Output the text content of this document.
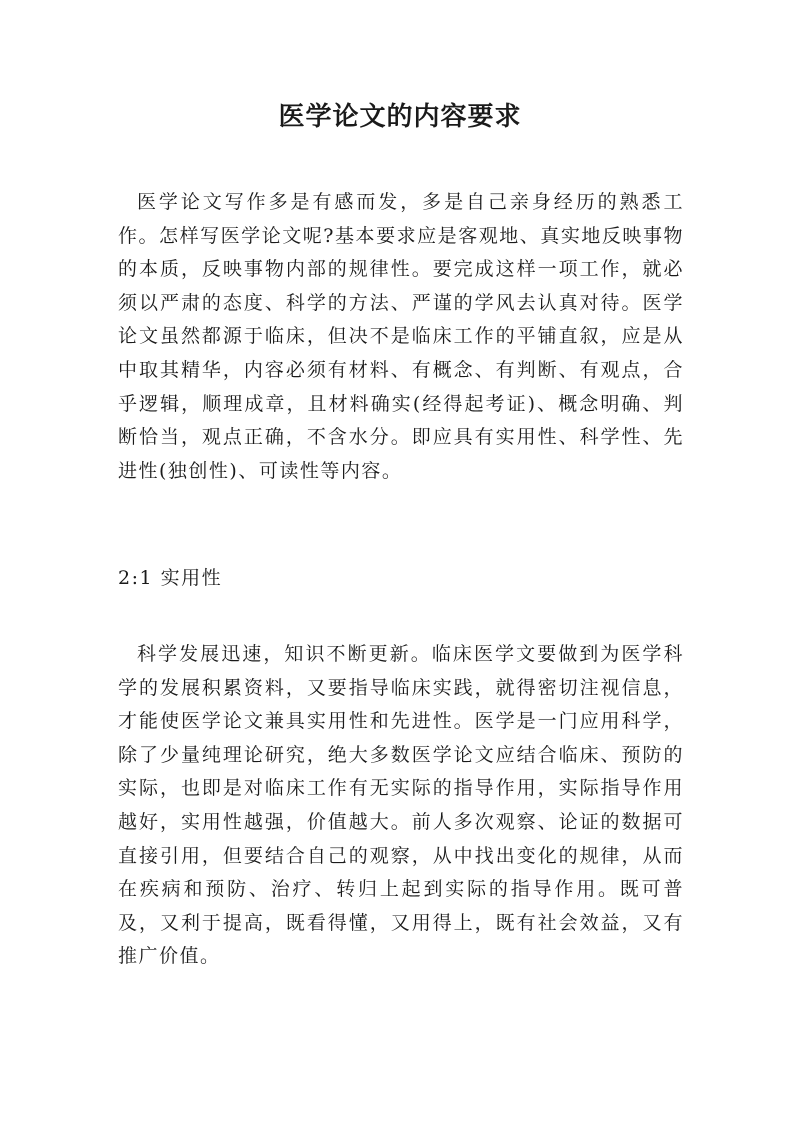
医学论文的内容要求

医学论文写作多是有感而发，多是自己亲身经历的熟悉工作。怎样写医学论文呢?基本要求应是客观地、真实地反映事物的本质，反映事物内部的规律性。要完成这样一项工作，就必须以严肃的态度、科学的方法、严谨的学风去认真对待。医学论文虽然都源于临床，但决不是临床工作的平铺直叙，应是从中取其精华，内容必须有材料、有概念、有判断、有观点，合乎逻辑，顺理成章，且材料确实(经得起考证)、概念明确、判断恰当，观点正确，不含水分。即应具有实用性、科学性、先进性(独创性)、可读性等内容。

2:1 实用性

科学发展迅速，知识不断更新。临床医学文要做到为医学科学的发展积累资料，又要指导临床实践，就得密切注视信息，才能使医学论文兼具实用性和先进性。医学是一门应用科学，除了少量纯理论研究，绝大多数医学论文应结合临床、预防的实际，也即是对临床工作有无实际的指导作用，实际指导作用越好，实用性越强，价值越大。前人多次观察、论证的数据可直接引用，但要结合自己的观察，从中找出变化的规律，从而在疾病和预防、治疗、转归上起到实际的指导作用。既可普及，又利于提高，既看得懂，又用得上，既有社会效益，又有推广价值。
